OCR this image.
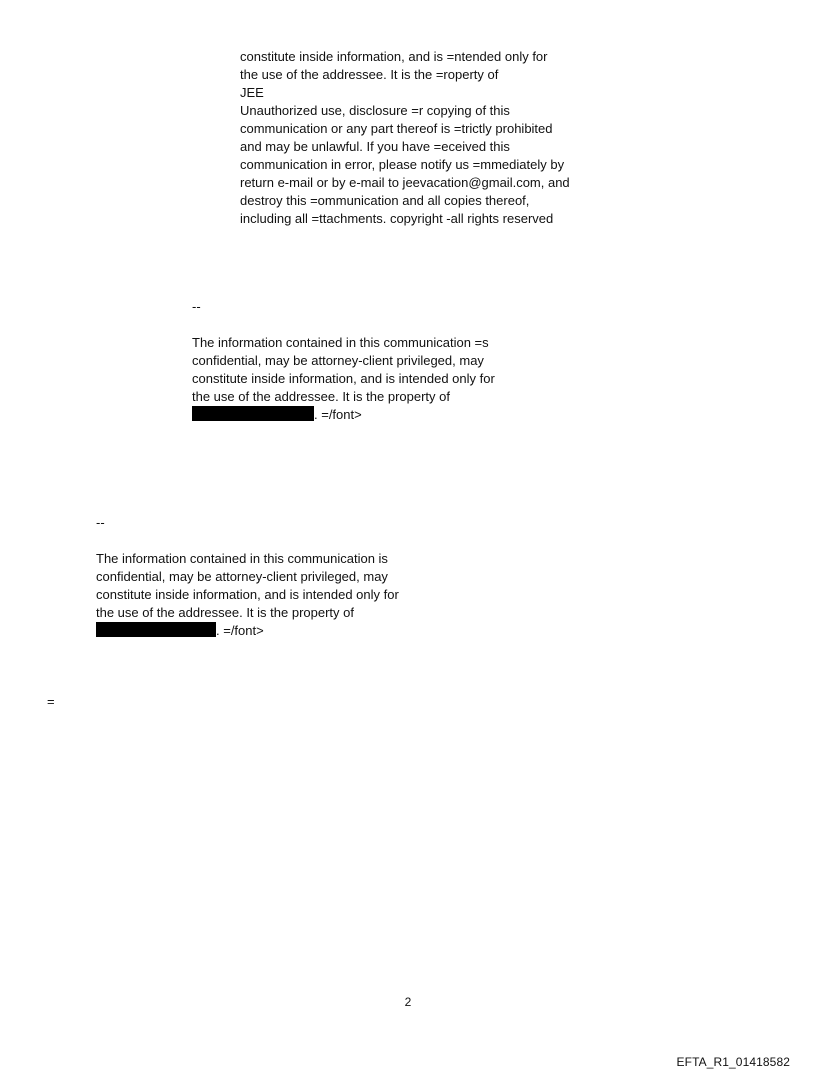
constitute inside information, and is =ntended only for
the use of the addressee. It is the =roperty of
JEE
Unauthorized use, disclosure =r copying of this
communication or any part thereof is =trictly prohibited
and may be unlawful. If you have =eceived this
communication in error, please notify us =mmediately by
return e-mail or by e-mail to jeevacation@gmail.com, and
destroy this =ommunication and all copies thereof,
including all =ttachments. copyright -all rights reserved
--
The information contained in this communication =s
confidential, may be attorney-client privileged, may
constitute inside information, and is intended only for
the use of the addressee. It is the property of
. =/font>
--
The information contained in this communication is
confidential, may be attorney-client privileged, may
constitute inside information, and is intended only for
the use of the addressee. It is the property of
. =/font>
=
2
EFTA_R1_01418582
